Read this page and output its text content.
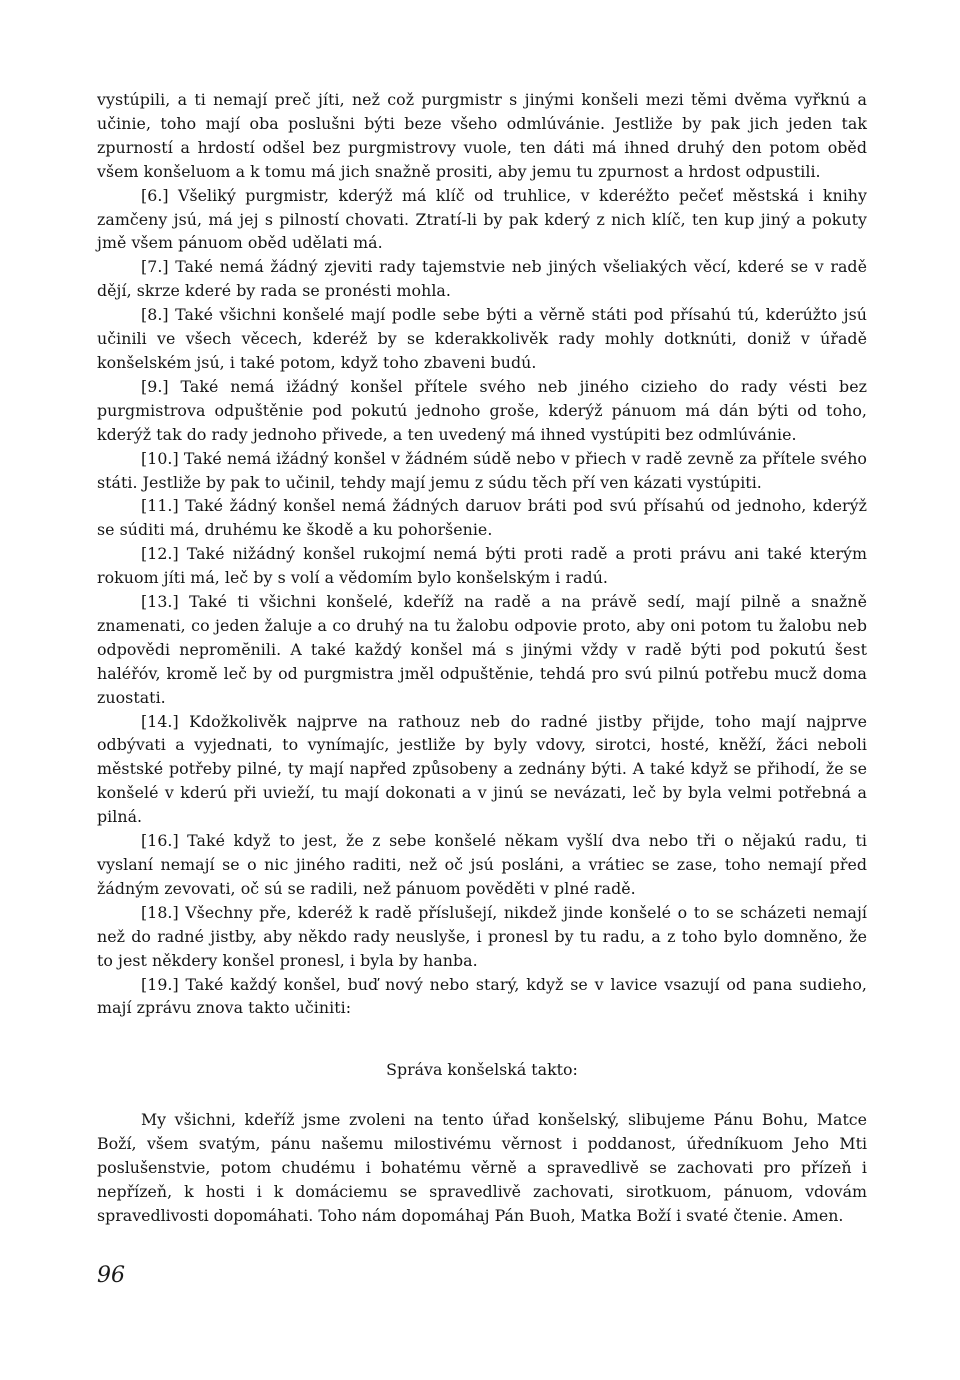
vystúpili, a ti nemají preč jíti, než což purgmistr s jinými konšeli mezi těmi dvěma vyřknú a učinie, toho mají oba poslušni býti beze všeho odmlúvánie. Jestliže by pak jich jeden tak zpurností a hrdostí odšel bez purgmistrovy vuole, ten dáti má ihned druhý den potom oběd všem konšeluom a k tomu má jich snažně prositi, aby jemu tu zpurnost a hrdost odpustili.

[6.] Všeliký purgmistr, kderýž má klíč od truhlice, v kderéžto pečeť městská i knihy zamčeny jsú, má jej s pilností chovati. Ztratí-li by pak kderý z nich klíč, ten kup jiný a pokuty jmě všem pánuom oběd udělati má.

[7.] Také nemá žádný zjeviti rady tajemstvie neb jiných všeliakých věcí, kderé se v radě dějí, skrze kderé by rada se pronésti mohla.

[8.] Také všichni konšelé mají podle sebe býti a věrně státi pod přísahú tú, kderúžto jsú učinili ve všech věcech, kderéž by se kderakkolivěk rady mohly dotknúti, doniž v úřadě konšelském jsú, i také potom, když toho zbaveni budú.

[9.] Také nemá ižádný konšel přítele svého neb jiného cizieho do rady vésti bez purgmistrova odpuštěnie pod pokutú jednoho groše, kderýž pánuom má dán býti od toho, kderýž tak do rady jednoho přivede, a ten uvedený má ihned vystúpiti bez odmlúvánie.

[10.] Také nemá ižádný konšel v žádném súdě nebo v přiech v radě zevně za přítele svého státi. Jestliže by pak to učinil, tehdy mají jemu z súdu těch pří ven kázati vystúpiti.

[11.] Také žádný konšel nemá žádných daruov bráti pod svú přísahú od jednoho, kderýž se súditi má, druhému ke škodě a ku pohoršenie.

[12.] Také nižádný konšel rukojmí nemá býti proti radě a proti právu ani také kterým rokuom jíti má, leč by s volí a vědomím bylo konšelským i radú.

[13.] Také ti všichni konšelé, kdeříž na radě a na právě sedí, mají pilně a snažně znamenati, co jeden žaluje a co druhý na tu žalobu odpovie proto, aby oni potom tu žalobu neb odpovědi nepromĕnili. A také každý konšel má s jinými vždy v radě býti pod pokutú šest haléřóv, kromě leč by od purgmistra jměl odpuštěnie, tehdá pro svú pilnú potřebu mucž doma zuostati.

[14.] Kdožkolivěk najprve na rathouz neb do radné jistby přijde, toho mají najprve odbývati a vyjednati, to vynímajíc, jestliže by byly vdovy, sirotci, hosté, kněží, žáci neboli městské potřeby pilné, ty mají napřed způsobeny a zednány býti. A také když se přihodí, že se konšelé v kderú při uvieží, tu mají dokonati a v jinú se nevázati, leč by byla velmi potřebná a pilná.

[16.] Také když to jest, že z sebe konšelé někam vyšlí dva nebo tři o nějakú radu, ti vyslaní nemají se o nic jiného raditi, než oč jsú posláni, a vrátiec se zase, toho nemají před žádným zevovati, oč sú se radili, než pánuom pověděti v plné radě.

[18.] Všechny pře, kderéž k radě příslušejí, nikdež jinde konšelé o to se scházeti nemají než do radné jistby, aby někdo rady neuslyše, i pronesl by tu radu, a z toho bylo domněno, že to jest někdery konšel pronesl, i byla by hanba.

[19.] Také každý konšel, buď nový nebo starý, když se v lavice vsazují od pana sudieho, mají zprávu znova takto učiniti:

Správa konšelská takto:

My všichni, kdeříž jsme zvoleni na tento úřad konšelský, slibujeme Pánu Bohu, Matce Boží, všem svatým, pánu našemu milostivému věrnost i poddanost, úředníkuom Jeho Mti poslušenstvie, potom chudému i bohatému věrně a spravedlivě se zachovati pro přízeň i nepřízeň, k hosti i k domáciemu se spravedlivě zachovati, sirotkuom, pánuom, vdovám spravedlivosti dopomáhati. Toho nám dopomáhaj Pán Buoh, Matka Boží i svaté čtenie. Amen.

96
